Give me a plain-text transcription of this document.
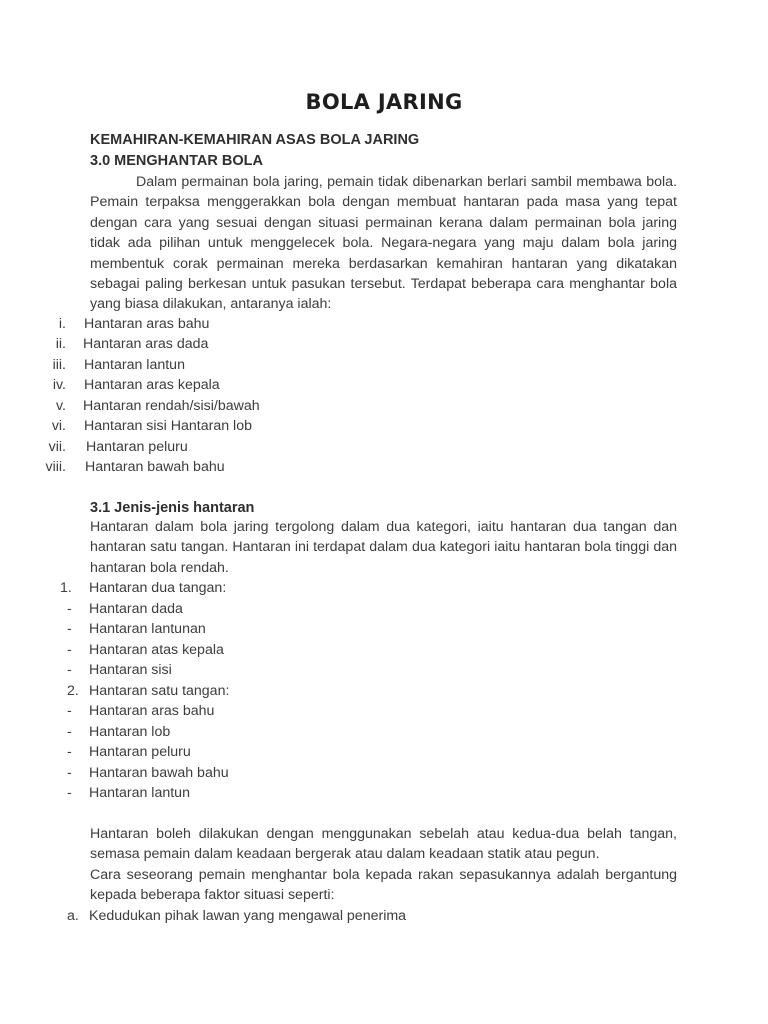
BOLA JARING

KEMAHIRAN-KEMAHIRAN ASAS BOLA JARING

3.0 MENGHANTAR BOLA

Dalam permainan bola jaring, pemain tidak dibenarkan berlari sambil membawa bola. Pemain terpaksa menggerakkan bola dengan membuat hantaran pada masa yang tepat dengan cara yang sesuai dengan situasi permainan kerana dalam permainan bola jaring tidak ada pilihan untuk menggelecek bola. Negara-negara yang maju dalam bola jaring membentuk corak permainan mereka berdasarkan kemahiran hantaran yang dikatakan sebagai paling berkesan untuk pasukan tersebut. Terdapat beberapa cara menghantar bola yang biasa dilakukan, antaranya ialah:

i. Hantaran aras bahu
ii. Hantaran aras dada
iii. Hantaran lantun
iv. Hantaran aras kepala
v. Hantaran rendah/sisi/bawah
vi. Hantaran sisi Hantaran lob
vii. Hantaran peluru
viii. Hantaran bawah bahu

3.1 Jenis-jenis hantaran

Hantaran dalam bola jaring tergolong dalam dua kategori, iaitu hantaran dua tangan dan hantaran satu tangan. Hantaran ini terdapat dalam dua kategori iaitu hantaran bola tinggi dan hantaran bola rendah.

1.	Hantaran dua tangan:
-	Hantaran dada
-	Hantaran lantunan
-	Hantaran atas kepala
-	Hantaran sisi
2. Hantaran satu tangan:
-	Hantaran aras bahu
-	Hantaran lob
-	Hantaran peluru
-	Hantaran bawah bahu
-	Hantaran lantun

Hantaran boleh dilakukan dengan menggunakan sebelah atau kedua-dua belah tangan, semasa pemain dalam keadaan bergerak atau dalam keadaan statik atau pegun.

Cara seseorang pemain menghantar bola kepada rakan sepasukannya adalah bergantung kepada beberapa faktor situasi seperti:

a. Kedudukan pihak lawan yang mengawal penerima
